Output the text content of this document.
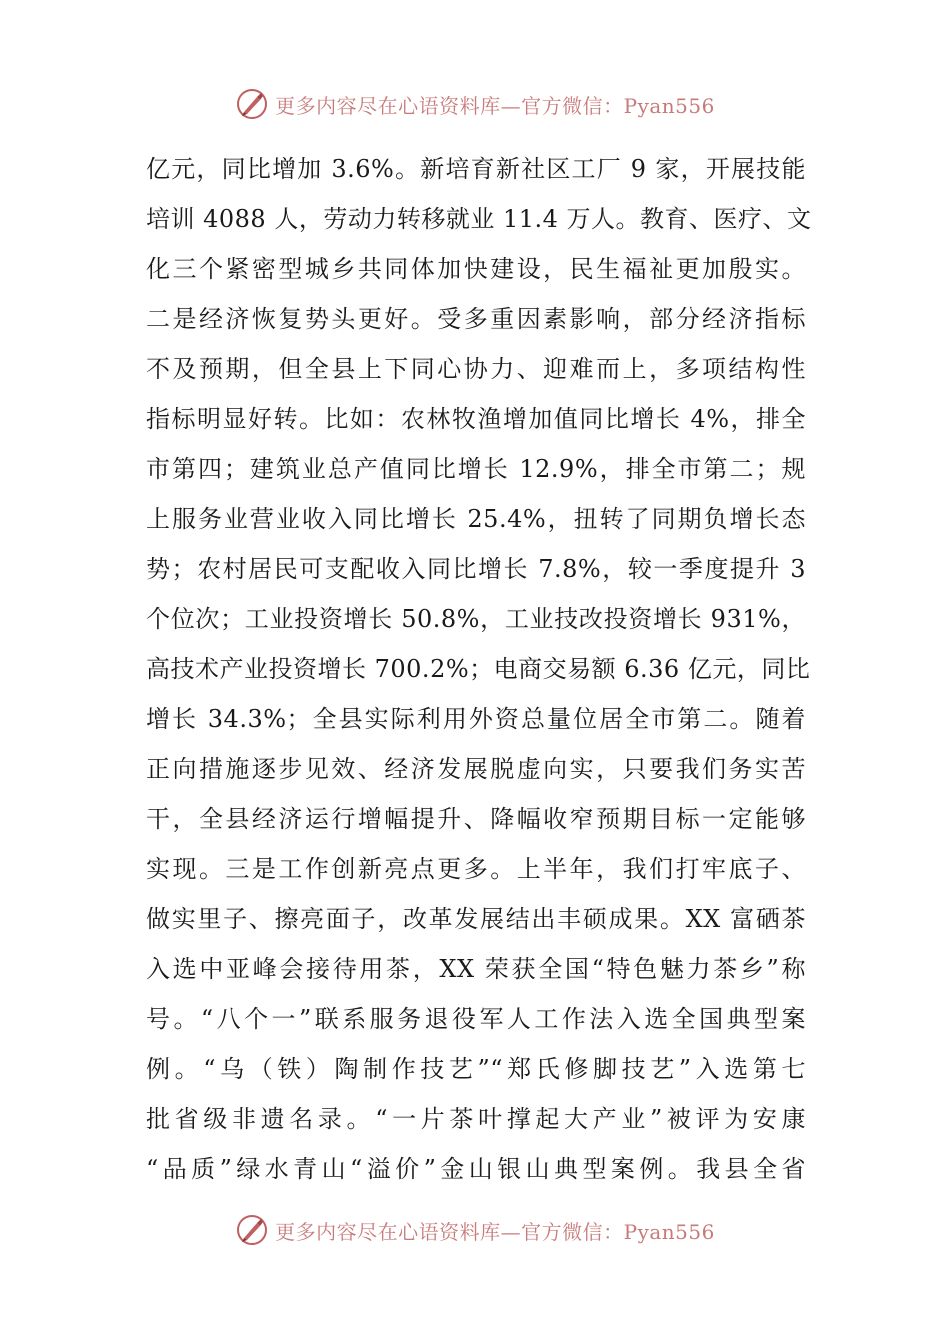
更多内容尽在心语资料库—官方微信：Pyan556
亿元，同比增加 3.6%。新培育新社区工厂 9 家，开展技能
培训 4088 人，劳动力转移就业 11.4 万人。教育、医疗、文
化三个紧密型城乡共同体加快建设，民生福祉更加殷实。
二是经济恢复势头更好。受多重因素影响，部分经济指标
不及预期，但全县上下同心协力、迎难而上，多项结构性
指标明显好转。比如：农林牧渔增加值同比增长 4%，排全
市第四；建筑业总产值同比增长 12.9%，排全市第二；规
上服务业营业收入同比增长 25.4%，扭转了同期负增长态
势；农村居民可支配收入同比增长 7.8%，较一季度提升 3
个位次；工业投资增长 50.8%，工业技改投资增长 931%，
高技术产业投资增长 700.2%；电商交易额 6.36 亿元，同比
增长 34.3%；全县实际利用外资总量位居全市第二。随着
正向措施逐步见效、经济发展脱虚向实，只要我们务实苦
干，全县经济运行增幅提升、降幅收窄预期目标一定能够
实现。三是工作创新亮点更多。上半年，我们打牢底子、
做实里子、擦亮面子，改革发展结出丰硕成果。XX 富硒茶
入选中亚峰会接待用茶，XX 荣获全国“特色魅力茶乡”称
号。“八个一”联系服务退役军人工作法入选全国典型案
例。“乌（铁）陶制作技艺”“郑氏修脚技艺”入选第七
批省级非遗名录。“一片茶叶撑起大产业”被评为安康
“品质”绿水青山“溢价”金山银山典型案例。我县全省
更多内容尽在心语资料库—官方微信：Pyan556
